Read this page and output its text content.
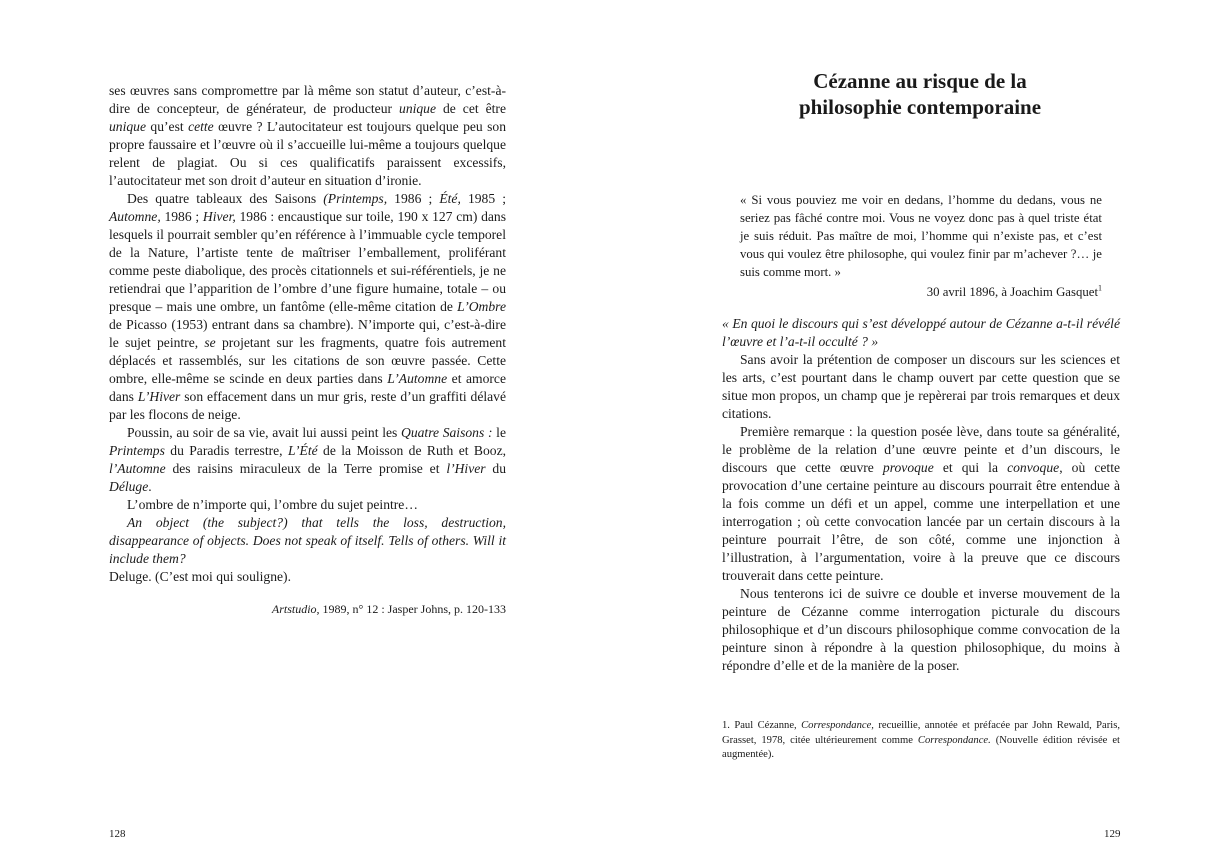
ses œuvres sans compromettre par là même son statut d’auteur, c’est-à-dire de concepteur, de générateur, de producteur unique de cet être unique qu’est cette œuvre ? L’autocitateur est toujours quelque peu son propre faussaire et l’œuvre où il s’accueille lui-même a toujours quelque relent de plagiat. Ou si ces qualificatifs paraissent excessifs, l’autocitateur met son droit d’auteur en situation d’ironie.

Des quatre tableaux des Saisons (Printemps, 1986 ; Été, 1985 ; Automne, 1986 ; Hiver, 1986 : encaustique sur toile, 190 x 127 cm) dans lesquels il pourrait sembler qu’en référence à l’immuable cycle temporel de la Nature, l’artiste tente de maîtriser l’emballement, proliférant comme peste diabolique, des procès citationnels et sui-référentiels, je ne retiendrai que l’apparition de l’ombre d’une figure humaine, totale – ou presque – mais une ombre, un fantôme (elle-même citation de L’Ombre de Picasso (1953) entrant dans sa chambre). N’importe qui, c’est-à-dire le sujet peintre, se projetant sur les fragments, quatre fois autrement déplacés et rassemblés, sur les citations de son œuvre passée. Cette ombre, elle-même se scinde en deux parties dans L’Automne et amorce dans L’Hiver son effacement dans un mur gris, reste d’un graffiti délavé par les flocons de neige.

Poussin, au soir de sa vie, avait lui aussi peint les Quatre Saisons : le Printemps du Paradis terrestre, L’Été de la Moisson de Ruth et Booz, l’Automne des raisins miraculeux de la Terre promise et l’Hiver du Déluge.

L’ombre de n’importe qui, l’ombre du sujet peintre…

An object (the subject?) that tells the loss, destruction, disappearance of objects. Does not speak of itself. Tells of others. Will it include them?
Deluge. (C’est moi qui souligne).

Artstudio, 1989, n° 12 : Jasper Johns, p. 120-133
128
Cézanne au risque de la
philosophie contemporaine

« Si vous pouviez me voir en dedans, l’homme du dedans, vous ne seriez pas fâché contre moi. Vous ne voyez donc pas à quel triste état je suis réduit. Pas maître de moi, l’homme qui n’existe pas, et c’est vous qui voulez être philosophe, qui voulez finir par m’achever ?… je suis comme mort. »

30 avril 1896, à Joachim Gasquet$^1$

« En quoi le discours qui s’est développé autour de Cézanne a-t-il révélé l’œuvre et l’a-t-il occulté ? »

Sans avoir la prétention de composer un discours sur les sciences et les arts, c’est pourtant dans le champ ouvert par cette question que se situe mon propos, un champ que je repèrerai par trois remarques et deux citations.

Première remarque : la question posée lève, dans toute sa généralité, le problème de la relation d’une œuvre peinte et d’un discours, le discours que cette œuvre provoque et qui la convoque, où cette provocation d’une certaine peinture au discours pourrait être entendue à la fois comme un défi et un appel, comme une interpellation et une interrogation ; où cette convocation lancée par un certain discours à la peinture pourrait l’être, de son côté, comme une injonction à l’illustration, à l’argumentation, voire à la preuve que ce discours trouverait dans cette peinture.

Nous tenterons ici de suivre ce double et inverse mouvement de la peinture de Cézanne comme interrogation picturale du discours philosophique et d’un discours philosophique comme convocation de la peinture sinon à répondre à la question philosophique, du moins à répondre d’elle et de la manière de la poser.

1. Paul Cézanne, Correspondance, recueillie, annotée et préfacée par John Rewald, Paris, Grasset, 1978, citée ultérieurement comme Correspondance. (Nouvelle édition révisée et augmentée).
129
